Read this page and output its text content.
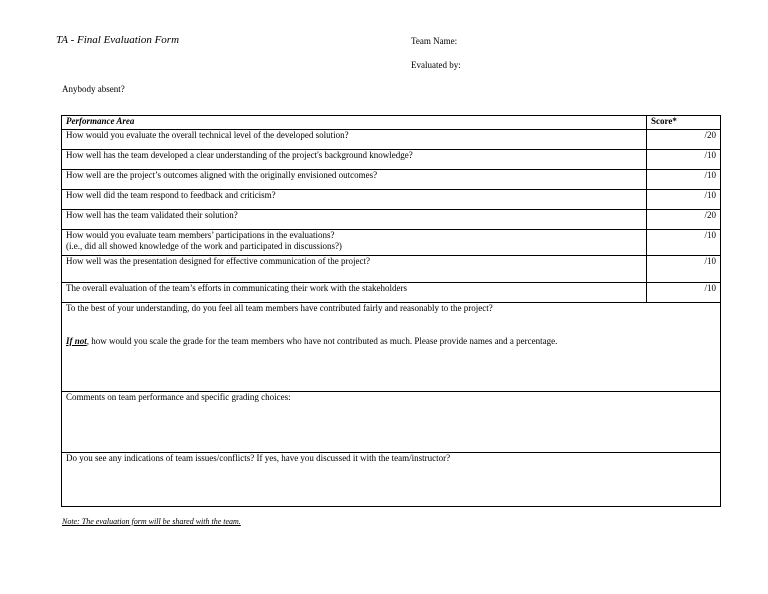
TA - Final Evaluation Form	Team Name:
Evaluated by:
Anybody absent?
Performance Area	Score*

How would you evaluate the overall technical level of the developed solution?	/20

How well has the team developed a clear understanding of the project's background knowledge?	/10

How well are the project’s outcomes aligned with the originally envisioned outcomes?	/10

How well did the team respond to feedback and criticism?	/10

How well has the team validated their solution?	/20

How would you evaluate team members’ participations in the evaluations?
(i.e., did all showed knowledge of the work and participated in discussions?)	/10

How well was the presentation designed for effective communication of the project?	/10

The overall evaluation of the team’s efforts in communicating their work with the stakeholders	/10

To the best of your understanding, do you feel all team members have contributed fairly and reasonably to the project?
If not, how would you scale the grade for the team members who have not contributed as much. Please provide names and a percentage.	

Comments on team performance and specific grading choices:	

Do you see any indications of team issues/conflicts? If yes, have you discussed it with the team/instructor?	
Note: The evaluation form will be shared with the team.
